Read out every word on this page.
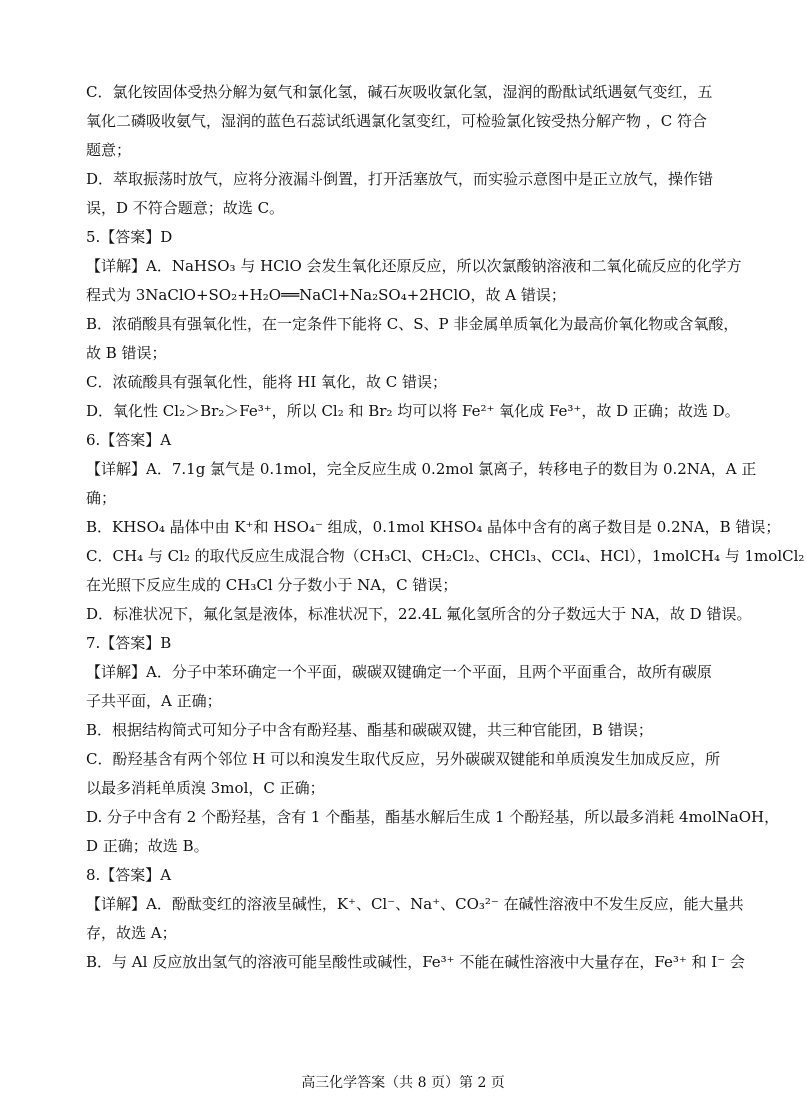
C．氯化铵固体受热分解为氨气和氯化氢，碱石灰吸收氯化氢，湿润的酚酞试纸遇氨气变红，五

氧化二磷吸收氨气，湿润的蓝色石蕊试纸遇氯化氢变红，可检验氯化铵受热分解产物 ，C 符合

题意；

D．萃取振荡时放气，应将分液漏斗倒置，打开活塞放气，而实验示意图中是正立放气，操作错

误，D 不符合题意；故选 C。

5.【答案】D

【详解】A．NaHSO₃ 与 HClO 会发生氧化还原反应，所以次氯酸钠溶液和二氧化硫反应的化学方

程式为 3NaClO+SO₂+H₂O══NaCl+Na₂SO₄+2HClO，故 A 错误；

B．浓硝酸具有强氧化性，在一定条件下能将 C、S、P 非金属单质氧化为最高价氧化物或含氧酸，

故 B 错误；

C．浓硫酸具有强氧化性，能将 HI 氧化，故 C 错误；

D．氧化性 Cl₂＞Br₂＞Fe³⁺，所以 Cl₂ 和 Br₂ 均可以将 Fe²⁺ 氧化成 Fe³⁺，故 D 正确；故选 D。

6.【答案】A

【详解】A．7.1g 氯气是 0.1mol，完全反应生成 0.2mol 氯离子，转移电子的数目为 0.2NA，A 正

确；

B．KHSO₄ 晶体中由 K⁺和 HSO₄⁻ 组成，0.1mol KHSO₄ 晶体中含有的离子数目是 0.2NA，B 错误；

C．CH₄ 与 Cl₂ 的取代反应生成混合物（CH₃Cl、CH₂Cl₂、CHCl₃、CCl₄、HCl），1molCH₄ 与 1molCl₂

在光照下反应生成的 CH₃Cl 分子数小于 NA，C 错误；

D．标准状况下，氟化氢是液体，标准状况下，22.4L 氟化氢所含的分子数远大于 NA，故 D 错误。

7.【答案】B

【详解】A．分子中苯环确定一个平面，碳碳双键确定一个平面，且两个平面重合，故所有碳原

子共平面，A 正确；

B．根据结构简式可知分子中含有酚羟基、酯基和碳碳双键，共三种官能团，B 错误；

C．酚羟基含有两个邻位 H 可以和溴发生取代反应，另外碳碳双键能和单质溴发生加成反应，所

以最多消耗单质溴 3mol，C 正确；

D. 分子中含有 2 个酚羟基，含有 1 个酯基，酯基水解后生成 1 个酚羟基，所以最多消耗 4molNaOH，

D 正确；故选 B。

8.【答案】A

【详解】A．酚酞变红的溶液呈碱性，K⁺、Cl⁻、Na⁺、CO₃²⁻ 在碱性溶液中不发生反应，能大量共

存，故选 A；

B．与 Al 反应放出氢气的溶液可能呈酸性或碱性，Fe³⁺ 不能在碱性溶液中大量存在，Fe³⁺ 和 I⁻ 会

高三化学答案（共 8 页）第 2 页
